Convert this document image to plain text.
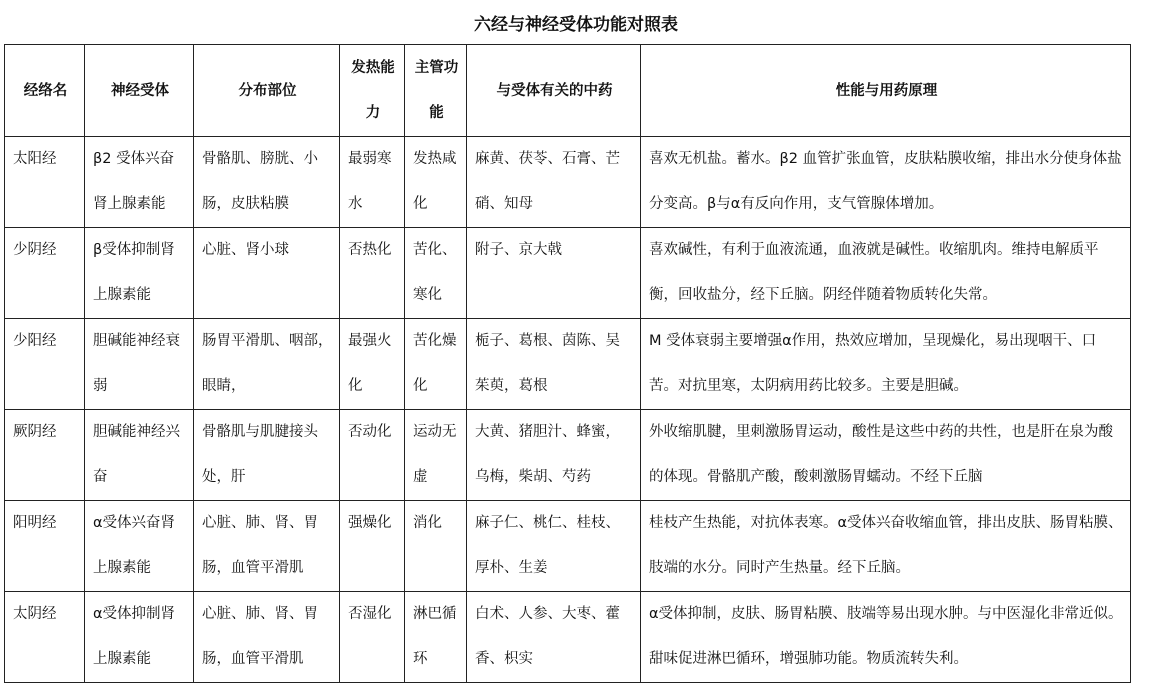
六经与神经受体功能对照表
经络名	神经受体	分布部位	发热能力	主管功能	与受体有关的中药	性能与用药原理
太阳经	β2 受体兴奋肾上腺素能	骨骼肌、膀胱、小肠，皮肤粘膜	最弱寒水	发热咸化	麻黄、茯苓、石膏、芒硝、知母	喜欢无机盐。蓄水。β2 血管扩张血管，皮肤粘膜收缩，排出水分使身体盐分变高。β与α有反向作用，支气管腺体增加。
少阴经	β受体抑制肾上腺素能	心脏、肾小球	否热化	苦化、寒化	附子、京大戟	喜欢碱性，有利于血液流通，血液就是碱性。收缩肌肉。维持电解质平衡，回收盐分，经下丘脑。阴经伴随着物质转化失常。
少阳经	胆碱能神经衰弱	肠胃平滑肌、咽部，眼睛，	最强火化	苦化燥化	栀子、葛根、茵陈、吴茱萸，葛根	M 受体衰弱主要增强α作用，热效应增加，呈现燥化，易出现咽干、口苦。对抗里寒，太阴病用药比较多。主要是胆碱。
厥阴经	胆碱能神经兴奋	骨骼肌与肌腱接头处，肝	否动化	运动无虚	大黄、猪胆汁、蜂蜜，乌梅，柴胡、芍药	外收缩肌腱，里刺激肠胃运动，酸性是这些中药的共性，也是肝在泉为酸的体现。骨骼肌产酸，酸刺激肠胃蠕动。不经下丘脑
阳明经	α受体兴奋肾上腺素能	心脏、肺、肾、胃肠，血管平滑肌	强燥化	消化	麻子仁、桃仁、桂枝、厚朴、生姜	桂枝产生热能，对抗体表寒。α受体兴奋收缩血管，排出皮肤、肠胃粘膜、肢端的水分。同时产生热量。经下丘脑。
太阴经	α受体抑制肾上腺素能	心脏、肺、肾、胃肠，血管平滑肌	否湿化	淋巴循环	白术、人参、大枣、藿香、枳实	α受体抑制，皮肤、肠胃粘膜、肢端等易出现水肿。与中医湿化非常近似。甜味促进淋巴循环，增强肺功能。物质流转失利。
